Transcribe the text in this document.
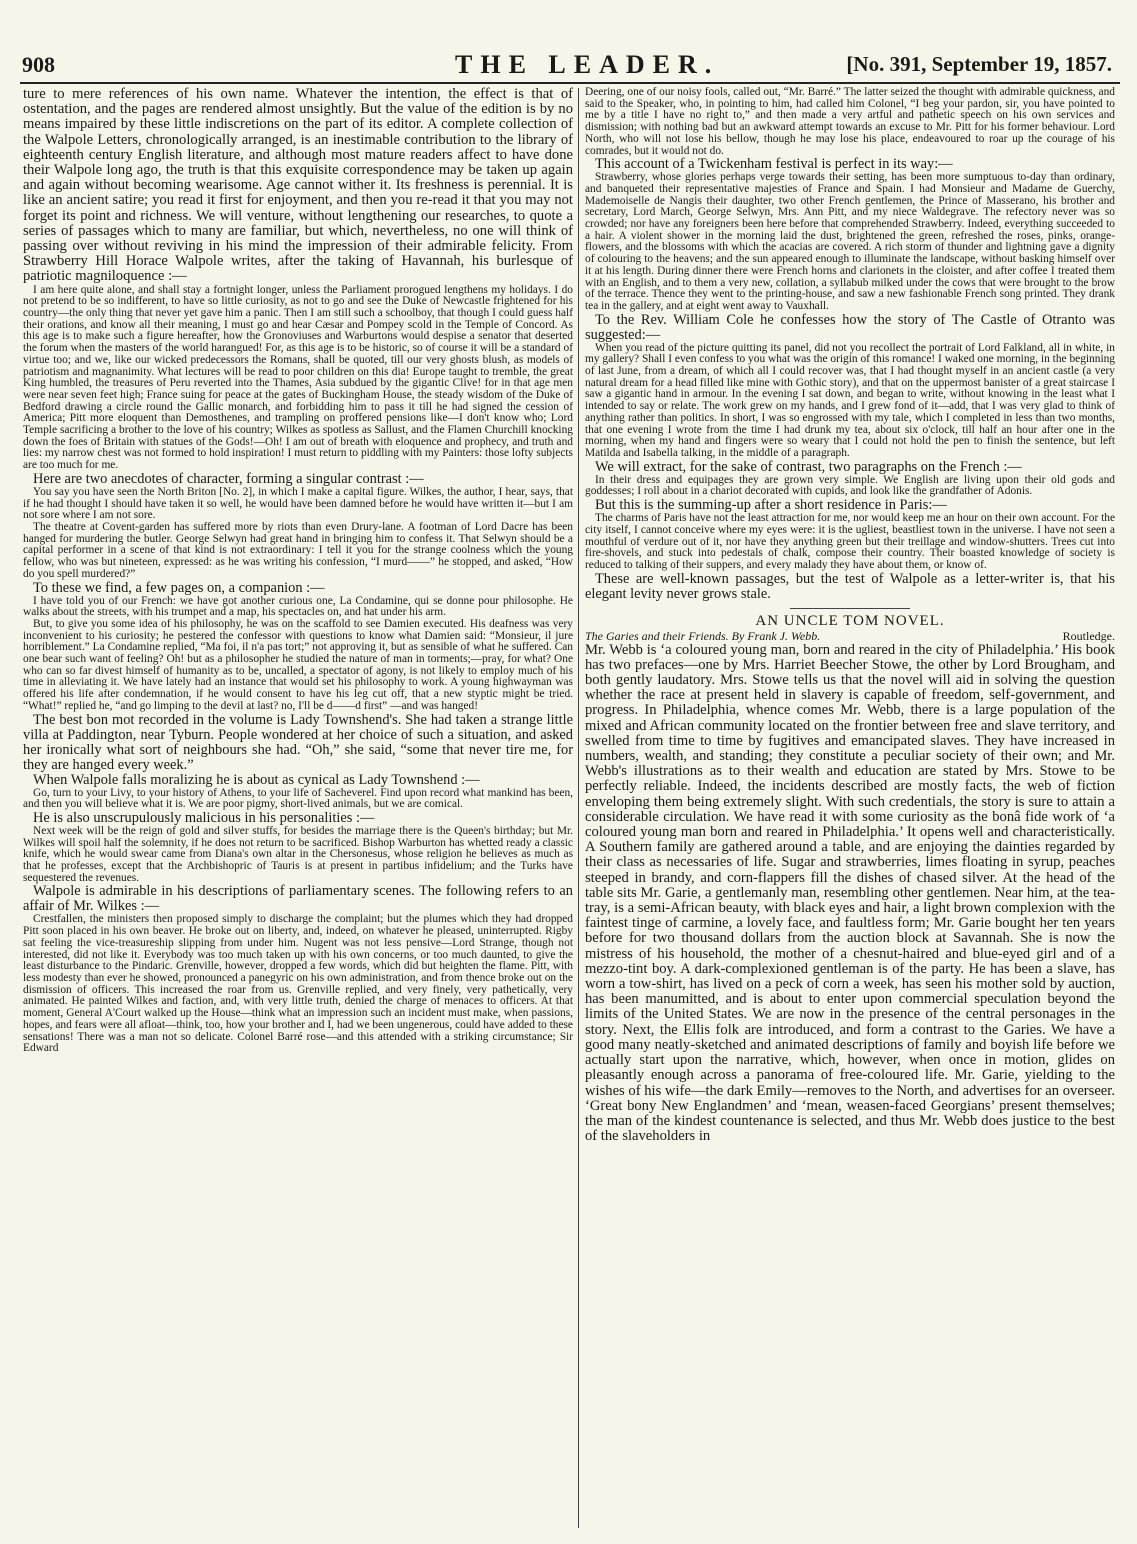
908	THE LEADER.	[No. 391, September 19, 1857.

ture to mere references of his own name. Whatever the intention, the effect is that of ostentation, and the pages are rendered almost unsightly. But the value of the edition is by no means impaired by these little indiscretions on the part of its editor. A complete collection of the Walpole Letters, chronologically arranged, is an inestimable contribution to the library of eighteenth century English literature, and although most mature readers affect to have done their Walpole long ago, the truth is that this exquisite correspondence may be taken up again and again without becoming wearisome. Age cannot wither it. Its freshness is perennial. It is like an ancient satire; you read it first for enjoyment, and then you re-read it that you may not forget its point and richness. We will venture, without lengthening our researches, to quote a series of passages which to many are familiar, but which, nevertheless, no one will think of passing over without reviving in his mind the impression of their admirable felicity. From Strawberry Hill Horace Walpole writes, after the taking of Havannah, his burlesque of patriotic magniloquence :—

I am here quite alone, and shall stay a fortnight longer, unless the Parliament prorogued lengthens my holidays. I do not pretend to be so indifferent, to have so little curiosity, as not to go and see the Duke of Newcastle frightened for his country—the only thing that never yet gave him a panic. Then I am still such a schoolboy, that though I could guess half their orations, and know all their meaning, I must go and hear Cæsar and Pompey scold in the Temple of Concord. As this age is to make such a figure hereafter, how the Gronoviuses and Warburtons would despise a senator that deserted the forum when the masters of the world harangued! For, as this age is to be historic, so of course it will be a standard of virtue too; and we, like our wicked predecessors the Romans, shall be quoted, till our very ghosts blush, as models of patriotism and magnanimity. What lectures will be read to poor children on this dia! Europe taught to tremble, the great King humbled, the treasures of Peru reverted into the Thames, Asia subdued by the gigantic Clive! for in that age men were near seven feet high; France suing for peace at the gates of Buckingham House, the steady wisdom of the Duke of Bedford drawing a circle round the Gallic monarch, and forbidding him to pass it till he had signed the cession of America; Pitt more eloquent than Demosthenes, and trampling on proffered pensions like—I don't know who; Lord Temple sacrificing a brother to the love of his country; Wilkes as spotless as Sallust, and the Flamen Churchill knocking down the foes of Britain with statues of the Gods!—Oh! I am out of breath with eloquence and prophecy, and truth and lies: my narrow chest was not formed to hold inspiration! I must return to piddling with my Painters: those lofty subjects are too much for me.

Here are two anecdotes of character, forming a singular contrast :—

You say you have seen the North Briton [No. 2], in which I make a capital figure. Wilkes, the author, I hear, says, that if he had thought I should have taken it so well, he would have been damned before he would have written it—but I am not sore where I am not sore.

The theatre at Covent-garden has suffered more by riots than even Drury-lane. A footman of Lord Dacre has been hanged for murdering the butler. George Selwyn had great hand in bringing him to confess it. That Selwyn should be a capital performer in a scene of that kind is not extraordinary: I tell it you for the strange coolness which the young fellow, who was but nineteen, expressed: as he was writing his confession, “I murd——” he stopped, and asked, “How do you spell murdered?”

To these we find, a few pages on, a companion :—

I have told you of our French: we have got another curious one, La Condamine, qui se donne pour philosophe. He walks about the streets, with his trumpet and a map, his spectacles on, and hat under his arm.

But, to give you some idea of his philosophy, he was on the scaffold to see Damien executed. His deafness was very inconvenient to his curiosity; he pestered the confessor with questions to know what Damien said: “Monsieur, il jure horriblement.” La Condamine replied, “Ma foi, il n'a pas tort;” not approving it, but as sensible of what he suffered. Can one bear such want of feeling? Oh! but as a philosopher he studied the nature of man in torments;—pray, for what? One who can so far divest himself of humanity as to be, uncalled, a spectator of agony, is not likely to employ much of his time in alleviating it. We have lately had an instance that would set his philosophy to work. A young highwayman was offered his life after condemnation, if he would consent to have his leg cut off, that a new styptic might be tried. “What!” replied he, “and go limping to the devil at last? no, I'll be d——d first” —and was hanged!

The best bon mot recorded in the volume is Lady Townshend's. She had taken a strange little villa at Paddington, near Tyburn. People wondered at her choice of such a situation, and asked her ironically what sort of neighbours she had. “Oh,” she said, “some that never tire me, for they are hanged every week.”

When Walpole falls moralizing he is about as cynical as Lady Townshend :—

Go, turn to your Livy, to your history of Athens, to your life of Sacheverel. Find upon record what mankind has been, and then you will believe what it is. We are poor pigmy, short-lived animals, but we are comical.

He is also unscrupulously malicious in his personalities :—

Next week will be the reign of gold and silver stuffs, for besides the marriage there is the Queen's birthday; but Mr. Wilkes will spoil half the solemnity, if he does not return to be sacrificed. Bishop Warburton has whetted ready a classic knife, which he would swear came from Diana's own altar in the Chersonesus, whose religion he believes as much as that he professes, except that the Archbishopric of Tauris is at present in partibus infidelium; and the Turks have sequestered the revenues.

Walpole is admirable in his descriptions of parliamentary scenes. The following refers to an affair of Mr. Wilkes :—

Crestfallen, the ministers then proposed simply to discharge the complaint; but the plumes which they had dropped Pitt soon placed in his own beaver. He broke out on liberty, and, indeed, on whatever he pleased, uninterrupted. Rigby sat feeling the vice-treasureship slipping from under him. Nugent was not less pensive—Lord Strange, though not interested, did not like it. Everybody was too much taken up with his own concerns, or too much daunted, to give the least disturbance to the Pindaric. Grenville, however, dropped a few words, which did but heighten the flame. Pitt, with less modesty than ever he showed, pronounced a panegyric on his own administration, and from thence broke out on the dismission of officers. This increased the roar from us. Grenville replied, and very finely, very pathetically, very animated. He painted Wilkes and faction, and, with very little truth, denied the charge of menaces to officers. At that moment, General A'Court walked up the House—think what an impression such an incident must make, when passions, hopes, and fears were all afloat—think, too, how your brother and I, had we been ungenerous, could have added to these sensations! There was a man not so delicate. Colonel Barré rose—and this attended with a striking circumstance; Sir Edward

Deering, one of our noisy fools, called out, “Mr. Barré.” The latter seized the thought with admirable quickness, and said to the Speaker, who, in pointing to him, had called him Colonel, “I beg your pardon, sir, you have pointed to me by a title I have no right to,” and then made a very artful and pathetic speech on his own services and dismission; with nothing bad but an awkward attempt towards an excuse to Mr. Pitt for his former behaviour. Lord North, who will not lose his bellow, though he may lose his place, endeavoured to roar up the courage of his comrades, but it would not do.

This account of a Twickenham festival is perfect in its way:—

Strawberry, whose glories perhaps verge towards their setting, has been more sumptuous to-day than ordinary, and banqueted their representative majesties of France and Spain. I had Monsieur and Madame de Guerchy, Mademoiselle de Nangis their daughter, two other French gentlemen, the Prince of Masserano, his brother and secretary, Lord March, George Selwyn, Mrs. Ann Pitt, and my niece Waldegrave. The refectory never was so crowded; nor have any foreigners been here before that comprehended Strawberry. Indeed, everything succeeded to a hair. A violent shower in the morning laid the dust, brightened the green, refreshed the roses, pinks, orange-flowers, and the blossoms with which the acacias are covered. A rich storm of thunder and lightning gave a dignity of colouring to the heavens; and the sun appeared enough to illuminate the landscape, without basking himself over it at his length. During dinner there were French horns and clarionets in the cloister, and after coffee I treated them with an English, and to them a very new, collation, a syllabub milked under the cows that were brought to the brow of the terrace. Thence they went to the printing-house, and saw a new fashionable French song printed. They drank tea in the gallery, and at eight went away to Vauxhall.

To the Rev. William Cole he confesses how the story of The Castle of Otranto was suggested:—

When you read of the picture quitting its panel, did not you recollect the portrait of Lord Falkland, all in white, in my gallery? Shall I even confess to you what was the origin of this romance! I waked one morning, in the beginning of last June, from a dream, of which all I could recover was, that I had thought myself in an ancient castle (a very natural dream for a head filled like mine with Gothic story), and that on the uppermost banister of a great staircase I saw a gigantic hand in armour. In the evening I sat down, and began to write, without knowing in the least what I intended to say or relate. The work grew on my hands, and I grew fond of it—add, that I was very glad to think of anything rather than politics. In short, I was so engrossed with my tale, which I completed in less than two months, that one evening I wrote from the time I had drunk my tea, about six o'clock, till half an hour after one in the morning, when my hand and fingers were so weary that I could not hold the pen to finish the sentence, but left Matilda and Isabella talking, in the middle of a paragraph.

We will extract, for the sake of contrast, two paragraphs on the French :—

In their dress and equipages they are grown very simple. We English are living upon their old gods and goddesses; I roll about in a chariot decorated with cupids, and look like the grandfather of Adonis.

But this is the summing-up after a short residence in Paris:—

The charms of Paris have not the least attraction for me, nor would keep me an hour on their own account. For the city itself, I cannot conceive where my eyes were: it is the ugliest, beastliest town in the universe. I have not seen a mouthful of verdure out of it, nor have they anything green but their treillage and window-shutters. Trees cut into fire-shovels, and stuck into pedestals of chalk, compose their country. Their boasted knowledge of society is reduced to talking of their suppers, and every malady they have about them, or know of.

These are well-known passages, but the test of Walpole as a letter-writer is, that his elegant levity never grows stale.

AN UNCLE TOM NOVEL.

The Garies and their Friends. By Frank J. Webb.	Routledge.

Mr. Webb is ‘a coloured young man, born and reared in the city of Philadelphia.’ His book has two prefaces—one by Mrs. Harriet Beecher Stowe, the other by Lord Brougham, and both gently laudatory. Mrs. Stowe tells us that the novel will aid in solving the question whether the race at present held in slavery is capable of freedom, self-government, and progress. In Philadelphia, whence comes Mr. Webb, there is a large population of the mixed and African community located on the frontier between free and slave territory, and swelled from time to time by fugitives and emancipated slaves. They have increased in numbers, wealth, and standing; they constitute a peculiar society of their own; and Mr. Webb's illustrations as to their wealth and education are stated by Mrs. Stowe to be perfectly reliable. Indeed, the incidents described are mostly facts, the web of fiction enveloping them being extremely slight. With such credentials, the story is sure to attain a considerable circulation. We have read it with some curiosity as the bonâ fide work of ‘a coloured young man born and reared in Philadelphia.’ It opens well and characteristically. A Southern family are gathered around a table, and are enjoying the dainties regarded by their class as necessaries of life. Sugar and strawberries, limes floating in syrup, peaches steeped in brandy, and corn-flappers fill the dishes of chased silver. At the head of the table sits Mr. Garie, a gentlemanly man, resembling other gentlemen. Near him, at the tea-tray, is a semi-African beauty, with black eyes and hair, a light brown complexion with the faintest tinge of carmine, a lovely face, and faultless form; Mr. Garie bought her ten years before for two thousand dollars from the auction block at Savannah. She is now the mistress of his household, the mother of a chesnut-haired and blue-eyed girl and of a mezzo-tint boy. A dark-complexioned gentleman is of the party. He has been a slave, has worn a tow-shirt, has lived on a peck of corn a week, has seen his mother sold by auction, has been manumitted, and is about to enter upon commercial speculation beyond the limits of the United States. We are now in the presence of the central personages in the story. Next, the Ellis folk are introduced, and form a contrast to the Garies. We have a good many neatly-sketched and animated descriptions of family and boyish life before we actually start upon the narrative, which, however, when once in motion, glides on pleasantly enough across a panorama of free-coloured life. Mr. Garie, yielding to the wishes of his wife—the dark Emily—removes to the North, and advertises for an overseer. ‘Great bony New Englandmen’ and ‘mean, weasen-faced Georgians’ present themselves; the man of the kindest countenance is selected, and thus Mr. Webb does justice to the best of the slaveholders in
